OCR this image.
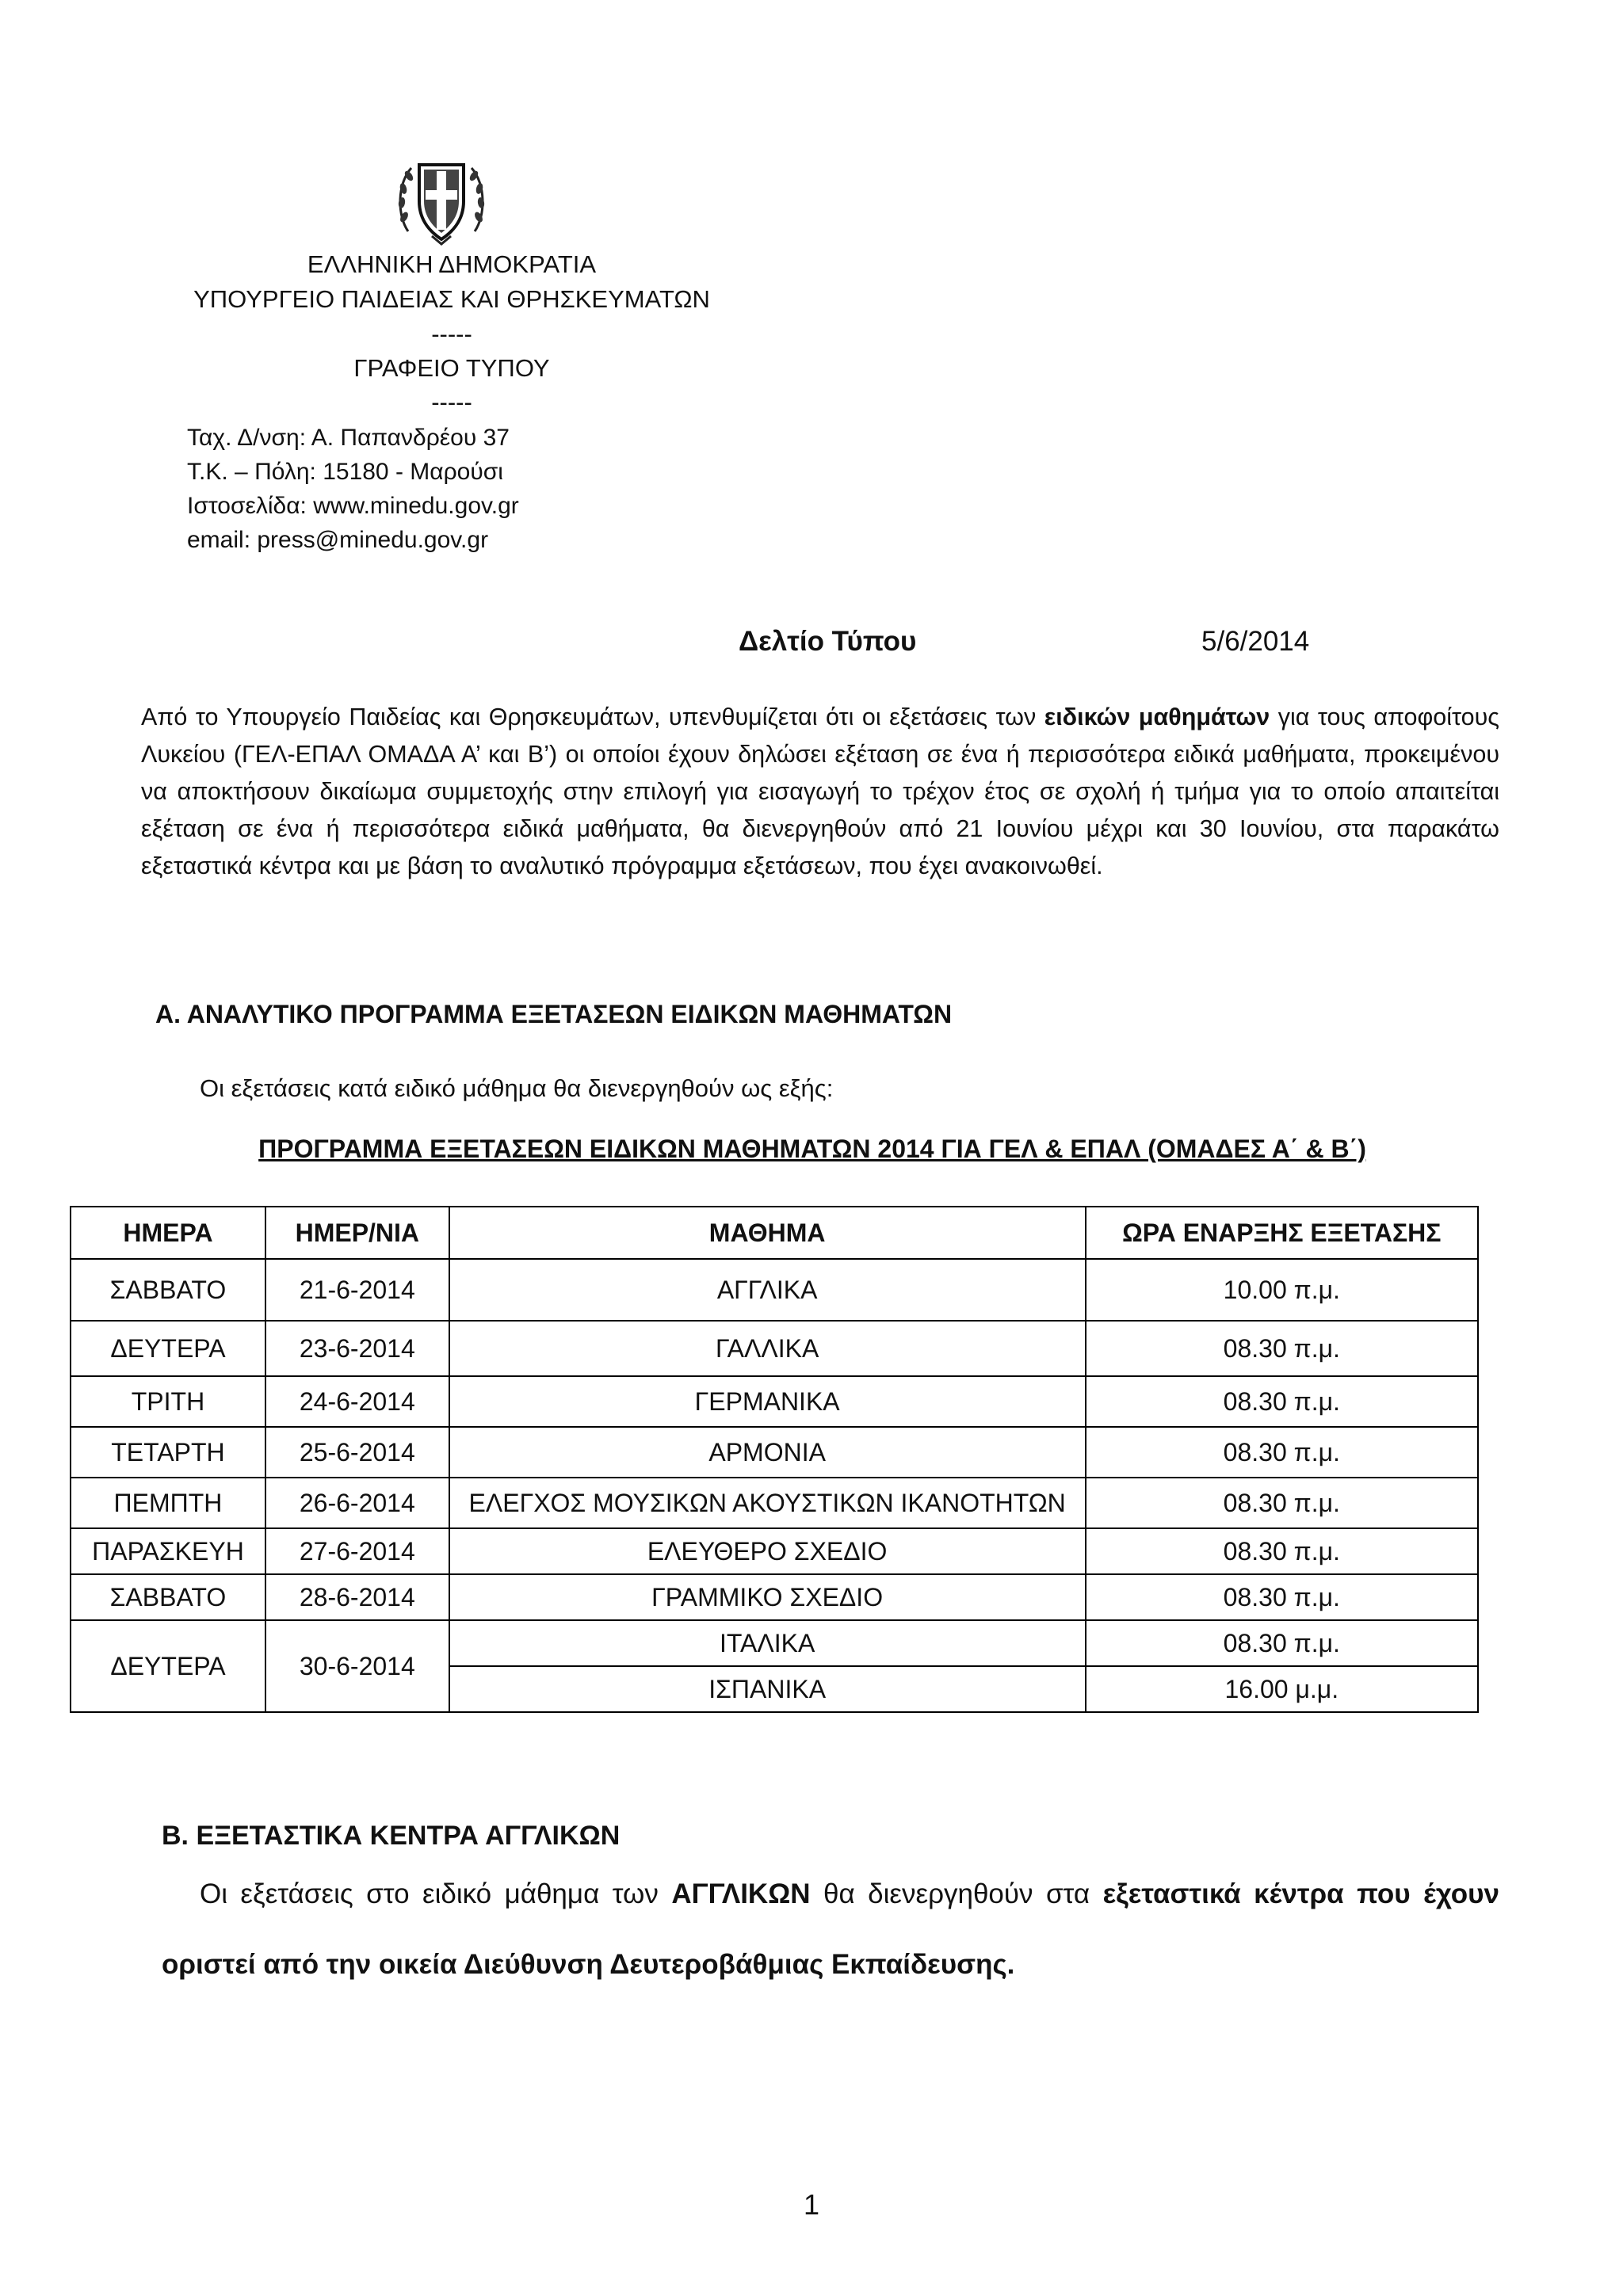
ΕΛΛΗΝΙΚΗ ΔΗΜΟΚΡΑΤΙΑ
ΥΠΟΥΡΓΕΙΟ ΠΑΙΔΕΙΑΣ ΚΑΙ ΘΡΗΣΚΕΥΜΑΤΩΝ
-----
ΓΡΑΦΕΙΟ ΤΥΠΟΥ
-----
Ταχ. Δ/νση: Α. Παπανδρέου 37
Τ.Κ. – Πόλη: 15180 - Μαρούσι
Ιστοσελίδα: www.minedu.gov.gr
email: press@minedu.gov.gr
Δελτίο Τύπου	5/6/2014
Από το Υπουργείο Παιδείας και Θρησκευμάτων, υπενθυμίζεται ότι οι εξετάσεις των ειδικών μαθημάτων για τους αποφοίτους Λυκείου (ΓΕΛ-ΕΠΑΛ ΟΜΑΔΑ Α’ και Β’) οι οποίοι έχουν δηλώσει εξέταση σε ένα ή περισσότερα ειδικά μαθήματα, προκειμένου να αποκτήσουν δικαίωμα συμμετοχής στην επιλογή για εισαγωγή το τρέχον έτος σε σχολή ή τμήμα για το οποίο απαιτείται εξέταση σε ένα ή περισσότερα ειδικά μαθήματα, θα διενεργηθούν από 21 Ιουνίου μέχρι και 30 Ιουνίου, στα παρακάτω εξεταστικά κέντρα και με βάση το αναλυτικό πρόγραμμα εξετάσεων, που έχει ανακοινωθεί.
Α. ΑΝΑΛΥΤΙΚΟ ΠΡΟΓΡΑΜΜΑ ΕΞΕΤΑΣΕΩΝ ΕΙΔΙΚΩΝ ΜΑΘΗΜΑΤΩΝ
Οι εξετάσεις κατά ειδικό μάθημα θα διενεργηθούν ως εξής:
ΠΡΟΓΡΑΜΜΑ ΕΞΕΤΑΣΕΩΝ ΕΙΔΙΚΩΝ ΜΑΘΗΜΑΤΩΝ 2014 ΓΙΑ ΓΕΛ & ΕΠΑΛ (ΟΜΑΔΕΣ Α΄ & Β΄)
ΗΜΕΡΑ	ΗΜΕΡ/ΝΙΑ	ΜΑΘΗΜΑ	ΩΡΑ ΕΝΑΡΞΗΣ ΕΞΕΤΑΣΗΣ
ΣΑΒΒΑΤΟ	21-6-2014	ΑΓΓΛΙΚΑ	10.00 π.μ.
ΔΕΥΤΕΡΑ	23-6-2014	ΓΑΛΛΙΚΑ	08.30 π.μ.
ΤΡΙΤΗ	24-6-2014	ΓΕΡΜΑΝΙΚΑ	08.30 π.μ.
ΤΕΤΑΡΤΗ	25-6-2014	ΑΡΜΟΝΙΑ	08.30 π.μ.
ΠΕΜΠΤΗ	26-6-2014	ΕΛΕΓΧΟΣ ΜΟΥΣΙΚΩΝ ΑΚΟΥΣΤΙΚΩΝ ΙΚΑΝΟΤΗΤΩΝ	08.30 π.μ.
ΠΑΡΑΣΚΕΥΗ	27-6-2014	ΕΛΕΥΘΕΡΟ ΣΧΕΔΙΟ	08.30 π.μ.
ΣΑΒΒΑΤΟ	28-6-2014	ΓΡΑΜΜΙΚΟ ΣΧΕΔΙΟ	08.30 π.μ.
ΔΕΥΤΕΡΑ	30-6-2014	ΙΤΑΛΙΚΑ	08.30 π.μ.
		ΙΣΠΑΝΙΚΑ	16.00 μ.μ.
Β. ΕΞΕΤΑΣΤΙΚΑ ΚΕΝΤΡΑ ΑΓΓΛΙΚΩΝ
Οι εξετάσεις στο ειδικό μάθημα των ΑΓΓΛΙΚΩΝ θα διενεργηθούν στα εξεταστικά κέντρα που έχουν οριστεί από την οικεία Διεύθυνση Δευτεροβάθμιας Εκπαίδευσης.
1
